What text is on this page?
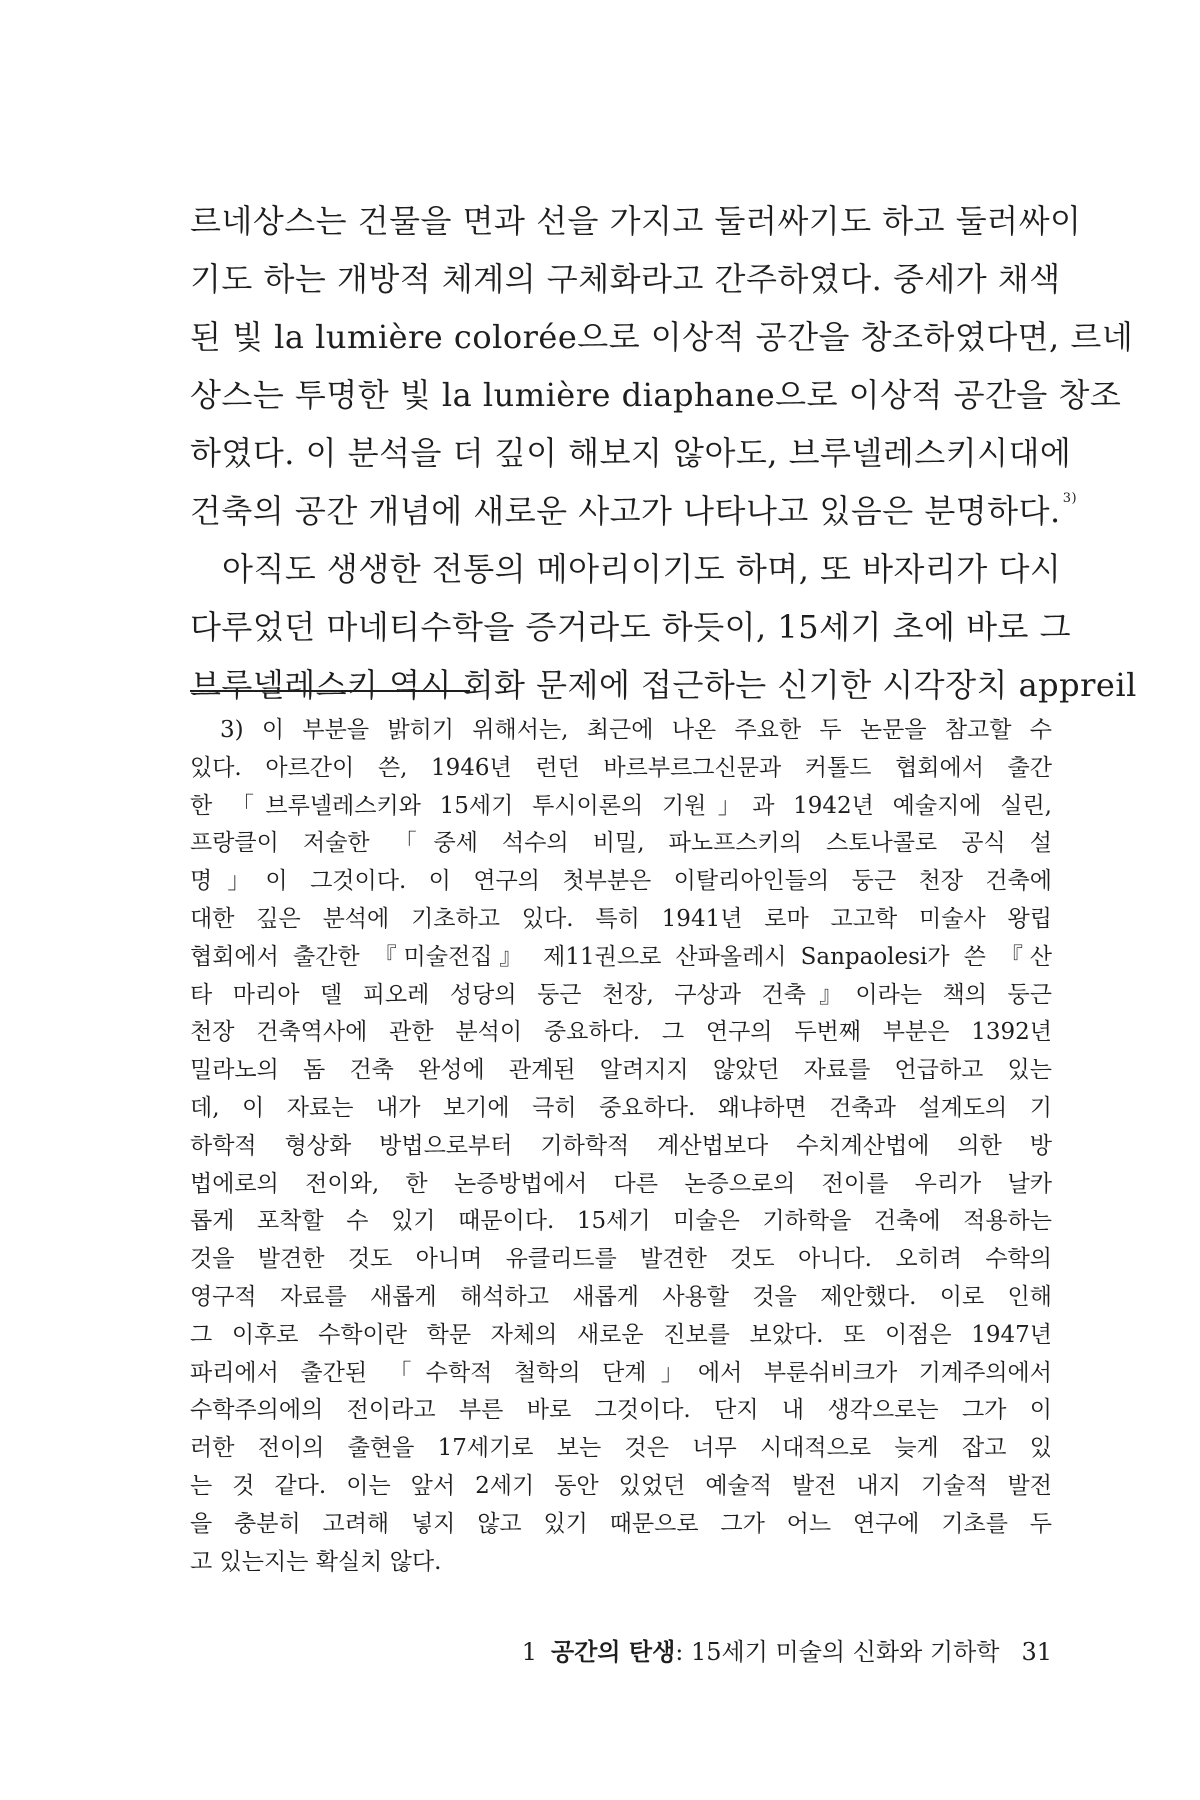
르네상스는 건물을 면과 선을 가지고 둘러싸기도 하고 둘러싸이
기도 하는 개방적 체계의 구체화라고 간주하였다. 중세가 채색
된 빛 la lumière colorée으로 이상적 공간을 창조하였다면, 르네
상스는 투명한 빛 la lumière diaphane으로 이상적 공간을 창조
하였다. 이 분석을 더 깊이 해보지 않아도, 브루넬레스키시대에
건축의 공간 개념에 새로운 사고가 나타나고 있음은 분명하다. $^{3)}$
아직도 생생한 전통의 메아리이기도 하며, 또 바자리가 다시
다루었던 마네티수학을 증거라도 하듯이, 15세기 초에 바로 그
브루넬레스키 역시 회화 문제에 접근하는 신기한 시각장치 appreil
3) 이 부분을 밝히기 위해서는, 최근에 나온 주요한 두 논문을 참고할 수
있다. 아르간이 쓴, 1946년 런던 바르부르그신문과 커톨드 협회에서 출간
한 「브루넬레스키와 15세기 투시이론의 기원」과 1942년 예술지에 실린,
프랑클이 저술한 「중세 석수의 비밀, 파노프스키의 스토나콜로 공식 설
명」이 그것이다. 이 연구의 첫부분은 이탈리아인들의 둥근 천장 건축에
대한 깊은 분석에 기초하고 있다. 특히 1941년 로마 고고학 미술사 왕립
협회에서 출간한 『미술전집』 제11권으로 산파올레시 Sanpaolesi가 쓴 『산
타 마리아 델 피오레 성당의 둥근 천장, 구상과 건축』이라는 책의 둥근
천장 건축역사에 관한 분석이 중요하다. 그 연구의 두번째 부분은 1392년
밀라노의 돔 건축 완성에 관계된 알려지지 않았던 자료를 언급하고 있는
데, 이 자료는 내가 보기에 극히 중요하다. 왜냐하면 건축과 설계도의 기
하학적 형상화 방법으로부터 기하학적 계산법보다 수치계산법에 의한 방
법에로의 전이와, 한 논증방법에서 다른 논증으로의 전이를 우리가 날카
롭게 포착할 수 있기 때문이다. 15세기 미술은 기하학을 건축에 적용하는
것을 발견한 것도 아니며 유클리드를 발견한 것도 아니다. 오히려 수학의
영구적 자료를 새롭게 해석하고 새롭게 사용할 것을 제안했다. 이로 인해
그 이후로 수학이란 학문 자체의 새로운 진보를 보았다. 또 이점은 1947년
파리에서 출간된 「수학적 철학의 단계」에서 부룬쉬비크가 기계주의에서
수학주의에의 전이라고 부른 바로 그것이다. 단지 내 생각으로는 그가 이
러한 전이의 출현을 17세기로 보는 것은 너무 시대적으로 늦게 잡고 있
는 것 같다. 이는 앞서 2세기 동안 있었던 예술적 발전 내지 기술적 발전
을 충분히 고려해 넣지 않고 있기 때문으로 그가 어느 연구에 기초를 두
고 있는지는 확실치 않다.
1 공간의 탄생: 15세기 미술의 신화와 기하학 31
